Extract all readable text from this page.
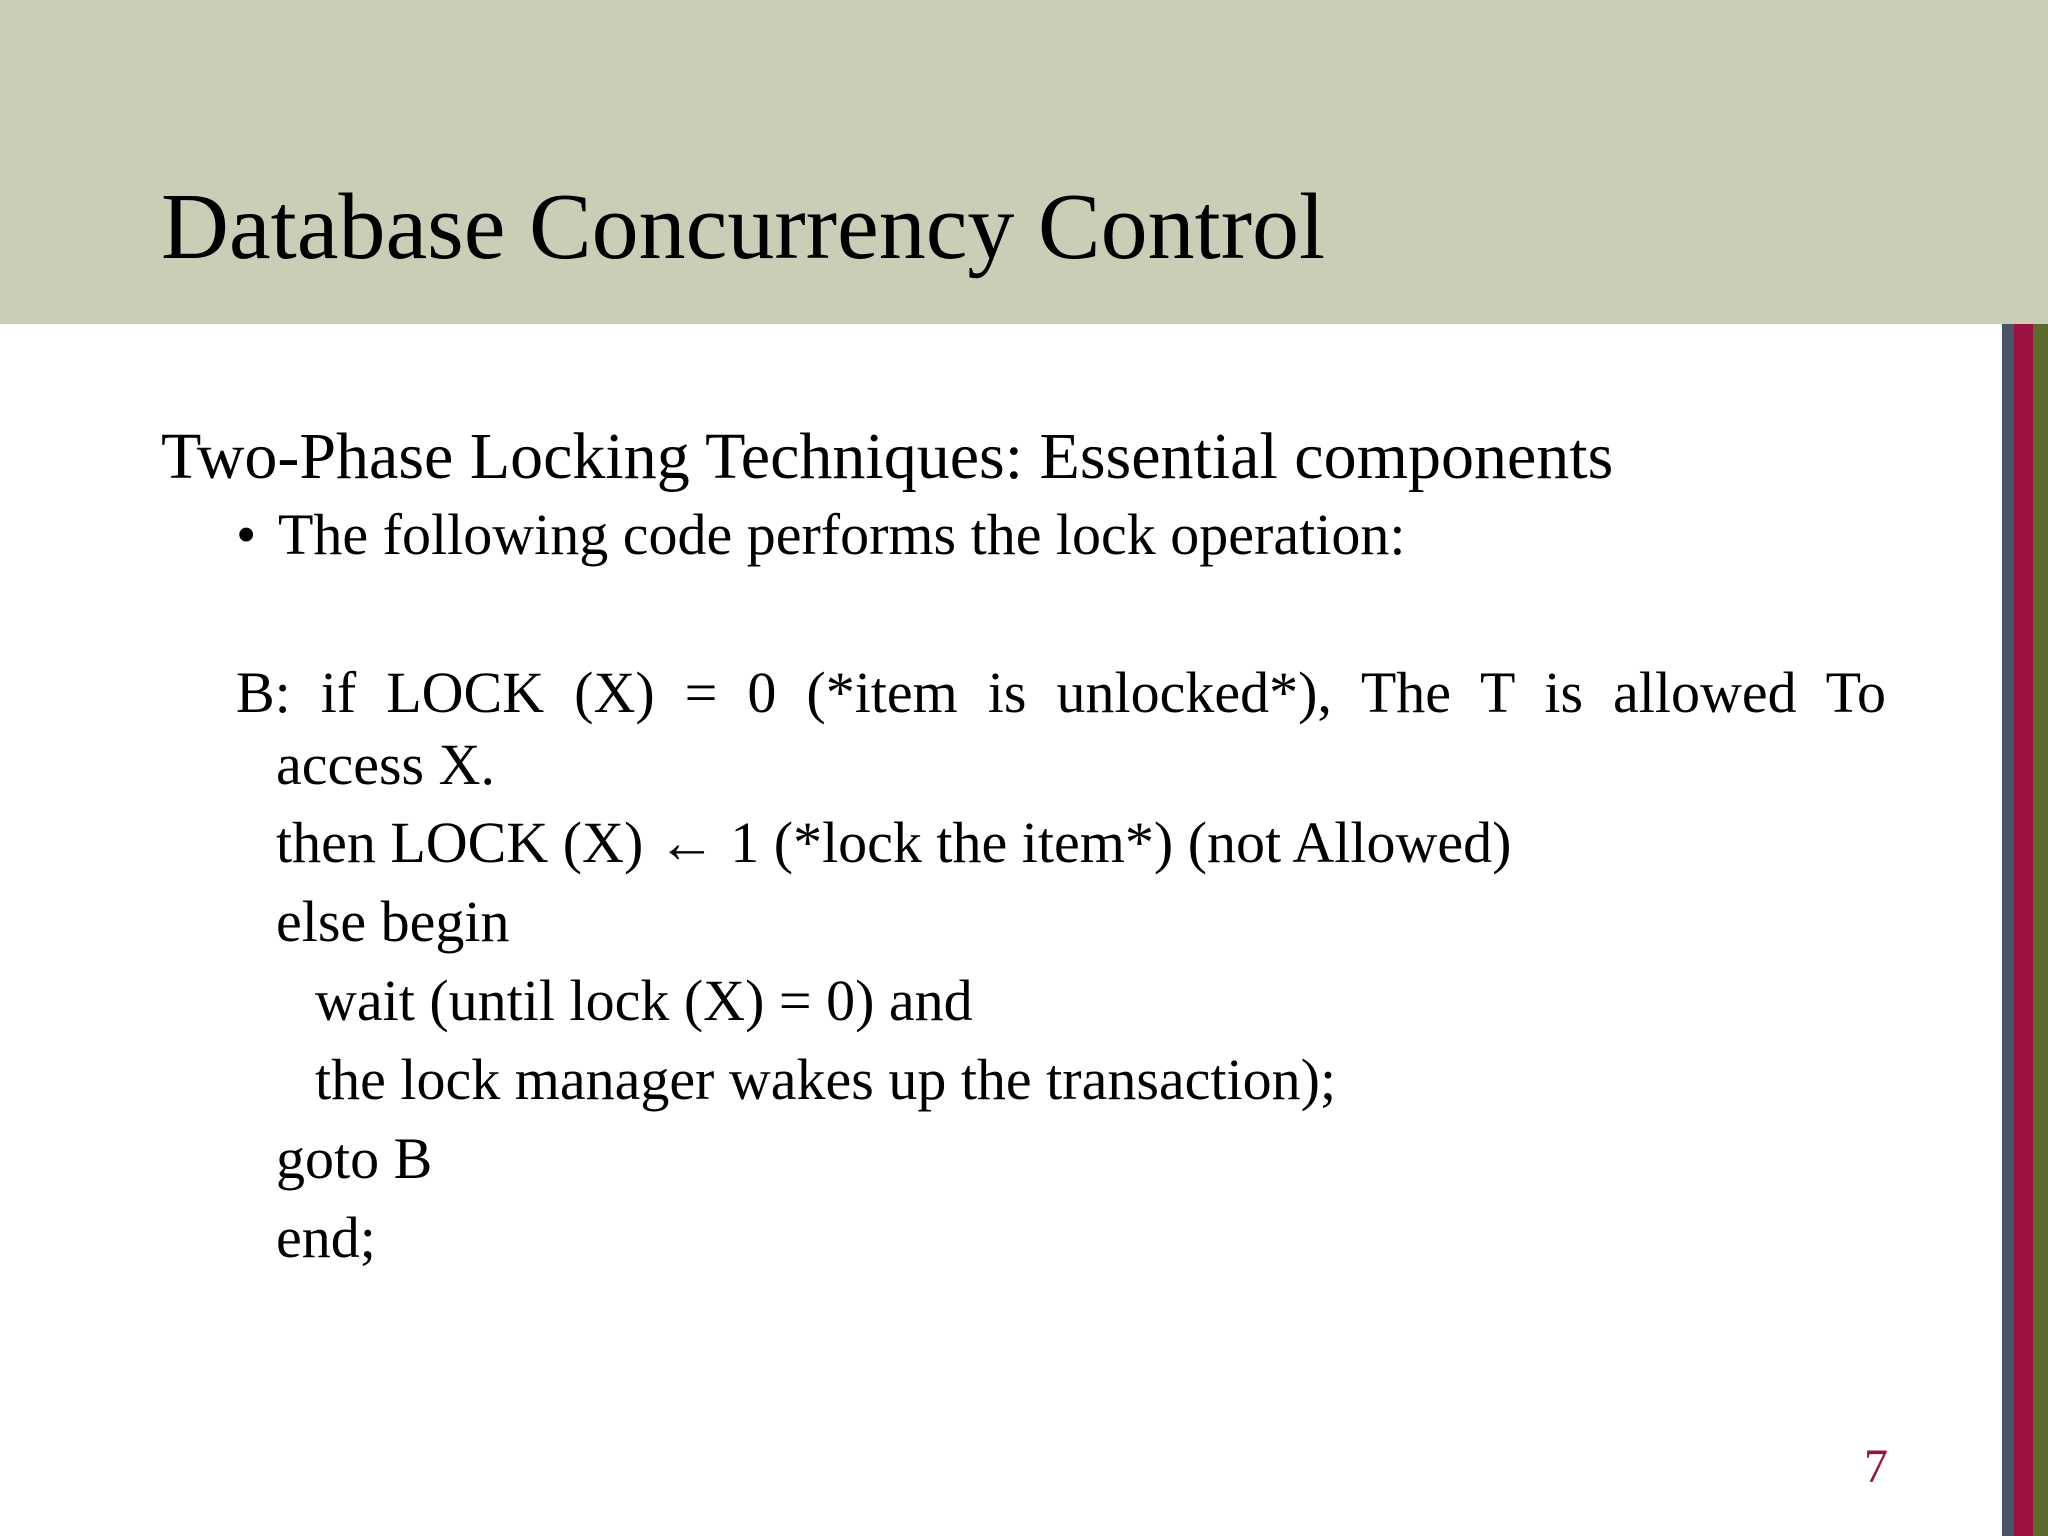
Database Concurrency Control
Two-Phase Locking Techniques: Essential components
• The following code performs the lock operation:
B: if LOCK (X) = 0 (*item is unlocked*), The T is allowed To
access X.
then LOCK (X) ← 1 (*lock the item*) (not Allowed)
else begin
wait (until lock (X) = 0) and
the lock manager wakes up the transaction);
goto B
end;
7
